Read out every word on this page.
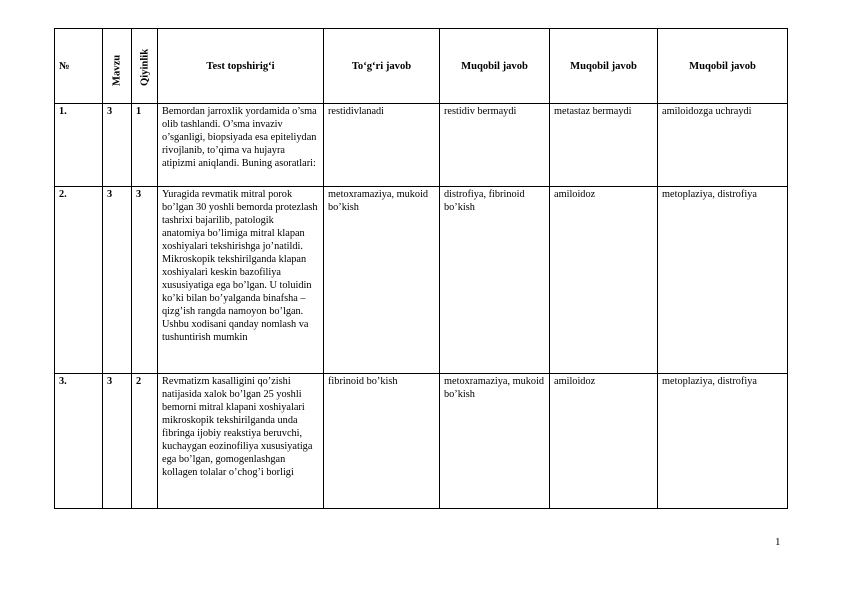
№	Mavzu	Qiyinlik	Test topshirig‘i	To‘g‘ri javob	Muqobil javob	Muqobil javob	Muqobil javob
1.	3	1	Bemordan jarroxlik yordamida o’sma olib tashlandi. O’sma invaziv o’sganligi, biopsiyada esa epiteliydan rivojlanib, to’qima va hujayra atipizmi aniqlandi. Buning asoratlari:	restidivlanadi	restidiv bermaydi	metastaz bermaydi	amiloidozga uchraydi
2.	3	3	Yuragida revmatik mitral porok bo’lgan 30 yoshli bemorda protezlash tashrixi bajarilib, patologik anatomiya bo’limiga mitral klapan xoshiyalari tekshirishga jo’natildi. Mikroskopik tekshirilganda klapan xoshiyalari keskin bazofiliya xususiyatiga ega bo’lgan. U toluidin ko’ki bilan bo’yalganda binafsha – qizg’ish rangda namoyon bo’lgan. Ushbu xodisani qanday nomlash va tushuntirish mumkin	metoxramaziya, mukoid bo’kish	distrofiya, fibrinoid bo’kish	amiloidoz	metoplaziya, distrofiya
3.	3	2	Revmatizm kasalligini qo’zishi natijasida xalok bo’lgan 25 yoshli bemorni mitral klapani xoshiyalari mikroskopik tekshirilganda unda fibringa ijobiy reakstiya beruvchi, kuchaygan eozinofiliya xususiyatiga ega bo’lgan, gomogenlashgan kollagen tolalar o’chog’i borligi	fibrinoid bo’kish	metoxramaziya, mukoid bo’kish	amiloidoz	metoplaziya, distrofiya
1
